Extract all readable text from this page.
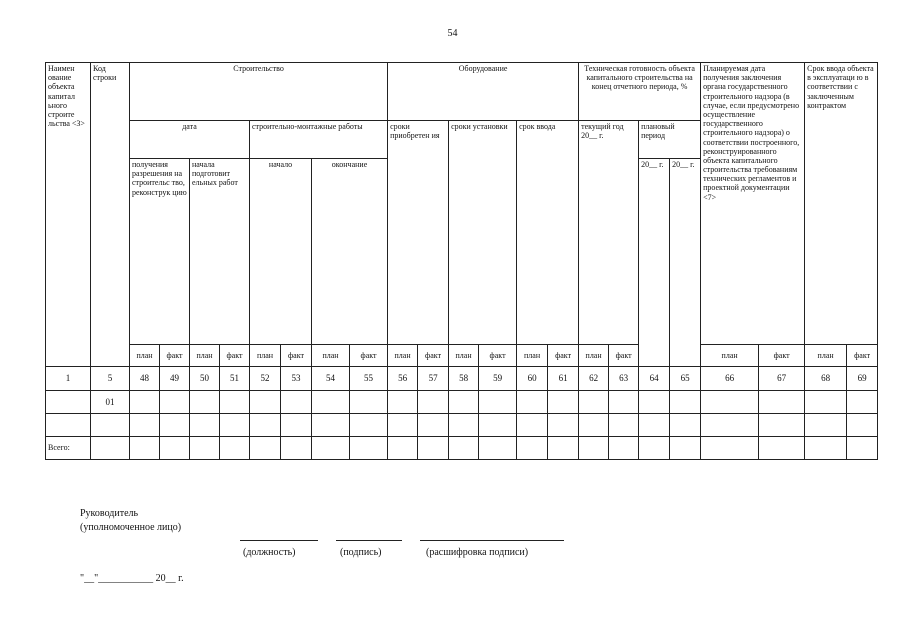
54
Наимен ование объекта капитал ьного строите льства <3>	Код строки	Строительство								Оборудование						Техническая готовность объекта капитального строительства на конец отчетного периода, %				Планируемая дата получения заключения органа государственного строительного надзора (в случае, если предусмотрено осуществление государственного строительного надзора) о соответствии построенного, реконструированного объекта капитального строительства требованиям технических регламентов и проектной документации <7>		Срок ввода объекта в эксплуатаци ю в соответствии с заключенным контрактом	
		дата				строительно-монтажные работы				сроки приобретен ия		сроки установки		срок ввода		текущий год 20__ г.		плановый период					
		получения разрешения на строительс тво, реконструк цию		начала подготовит ельных работ		начало		окончание										20__ г.	20__ г.				
		план	факт	план	факт	план	факт	план	факт	план	факт	план	факт	план	факт	план	факт			план	факт	план	факт
1	5	48	49	50	51	52	53	54	55	56	57	58	59	60	61	62	63	64	65	66	67	68	69
	01																						

Всего:																							
Руководитель
(уполномоченное лицо)
(должность)	(подпись)	(расшифровка подписи)
"__"___________ 20__ г.
